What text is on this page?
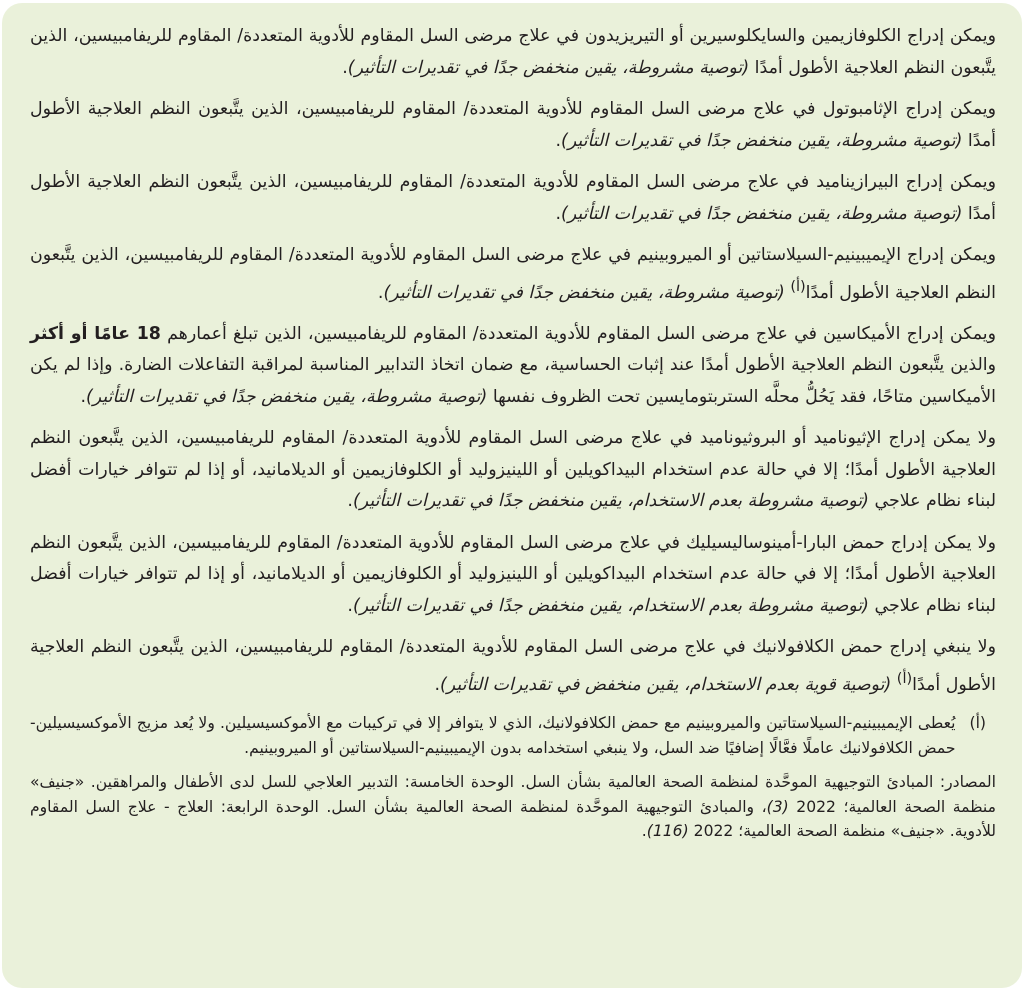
ويمكن إدراج الكلوفازيمين والسايكلوسيرين أو التيريزيدون في علاج مرضى السل المقاوم للأدوية المتعددة/ المقاوم للريفامبيسين، الذين يتَّبعون النظم العلاجية الأطول أمدًا (توصية مشروطة، يقين منخفض جدًا في تقديرات التأثير).

ويمكن إدراج الإثامبوتول في علاج مرضى السل المقاوم للأدوية المتعددة/ المقاوم للريفامبيسين، الذين يتَّبعون النظم العلاجية الأطول أمدًا (توصية مشروطة، يقين منخفض جدًا في تقديرات التأثير).

ويمكن إدراج البيرازيناميد في علاج مرضى السل المقاوم للأدوية المتعددة/ المقاوم للريفامبيسين، الذين يتَّبعون النظم العلاجية الأطول أمدًا (توصية مشروطة، يقين منخفض جدًا في تقديرات التأثير).

ويمكن إدراج الإيميبينيم-السيلاستاتين أو الميروبينيم في علاج مرضى السل المقاوم للأدوية المتعددة/ المقاوم للريفامبيسين، الذين يتَّبعون النظم العلاجية الأطول أمدًا$^{(أ)}$ (توصية مشروطة، يقين منخفض جدًا في تقديرات التأثير).

ويمكن إدراج الأميكاسين في علاج مرضى السل المقاوم للأدوية المتعددة/ المقاوم للريفامبيسين، الذين تبلغ أعمارهم 18 عامًا أو أكثر والذين يتَّبعون النظم العلاجية الأطول أمدًا عند إثبات الحساسية، مع ضمان اتخاذ التدابير المناسبة لمراقبة التفاعلات الضارة. وإذا لم يكن الأميكاسين متاحًا، فقد يَحُلُّ محلَّه الستربتومايسين تحت الظروف نفسها (توصية مشروطة، يقين منخفض جدًا في تقديرات التأثير).

ولا يمكن إدراج الإثيوناميد أو البروثيوناميد في علاج مرضى السل المقاوم للأدوية المتعددة/ المقاوم للريفامبيسين، الذين يتَّبعون النظم العلاجية الأطول أمدًا؛ إلا في حالة عدم استخدام البيداكويلين أو اللينيزوليد أو الكلوفازيمين أو الديلامانيد، أو إذا لم تتوافر خيارات أفضل لبناء نظام علاجي (توصية مشروطة بعدم الاستخدام، يقين منخفض جدًا في تقديرات التأثير).

ولا يمكن إدراج حمض البارا-أمينوساليسيليك في علاج مرضى السل المقاوم للأدوية المتعددة/ المقاوم للريفامبيسين، الذين يتَّبعون النظم العلاجية الأطول أمدًا؛ إلا في حالة عدم استخدام البيداكويلين أو اللينيزوليد أو الكلوفازيمين أو الديلامانيد، أو إذا لم تتوافر خيارات أفضل لبناء نظام علاجي (توصية مشروطة بعدم الاستخدام، يقين منخفض جدًا في تقديرات التأثير).

ولا ينبغي إدراج حمض الكلافولانيك في علاج مرضى السل المقاوم للأدوية المتعددة/ المقاوم للريفامبيسين، الذين يتَّبعون النظم العلاجية الأطول أمدًا$^{(أ)}$ (توصية قوية بعدم الاستخدام، يقين منخفض في تقديرات التأثير).

(أ)
يُعطى الإيميبينيم-السيلاستاتين والميروبينيم مع حمض الكلافولانيك، الذي لا يتوافر إلا في تركيبات مع الأموكسيسيلين. ولا يُعد مزيج الأموكسيسيلين-حمض الكلافولانيك عاملًا فعَّالًا إضافيًا ضد السل، ولا ينبغي استخدامه بدون الإيميبينيم-السيلاستاتين أو الميروبينيم.

المصادر: المبادئ التوجيهية الموحَّدة لمنظمة الصحة العالمية بشأن السل. الوحدة الخامسة: التدبير العلاجي للسل لدى الأطفال والمراهقين. «جنيف» منظمة الصحة العالمية؛ 2022 (3)، والمبادئ التوجيهية الموحَّدة لمنظمة الصحة العالمية بشأن السل. الوحدة الرابعة: العلاج - علاج السل المقاوم للأدوية. «جنيف» منظمة الصحة العالمية؛ 2022 (116).
